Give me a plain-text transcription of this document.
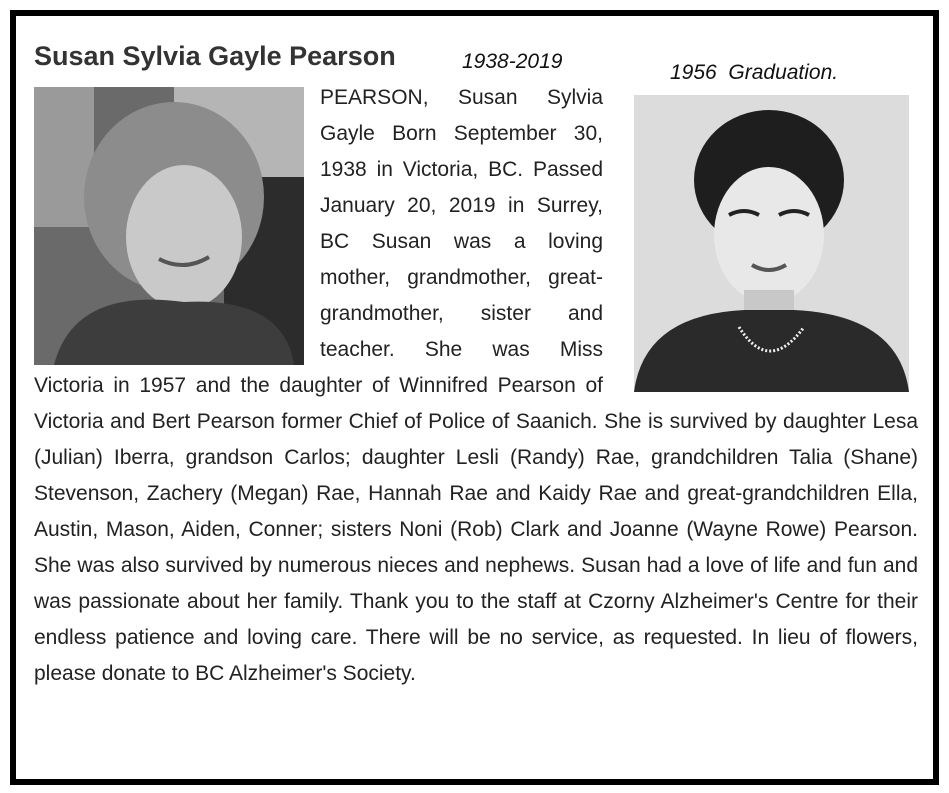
Susan Sylvia Gayle Pearson	1938-2019	1956  Graduation.
PEARSON, Susan Sylvia Gayle Born September 30, 1938 in Victoria, BC. Passed January 20, 2019 in Surrey, BC Susan was a loving mother, grandmother, great-grandmother, sister and teacher. She was Miss Victoria in 1957 and the daughter of Winnifred Pearson of Victoria and Bert Pearson former Chief of Police of Saanich. She is survived by daughter Lesa (Julian) Iberra, grandson Carlos; daughter Lesli (Randy) Rae, grandchildren Talia (Shane) Stevenson, Zachery (Megan) Rae, Hannah Rae and Kaidy Rae and great-grandchildren Ella, Austin, Mason, Aiden, Conner; sisters Noni (Rob) Clark and Joanne (Wayne Rowe) Pearson. She was also survived by numerous nieces and nephews. Susan had a love of life and fun and was passionate about her family. Thank you to the staff at Czorny Alzheimer's Centre for their endless patience and loving care. There will be no service, as requested. In lieu of flowers, please donate to BC Alzheimer's Society.
